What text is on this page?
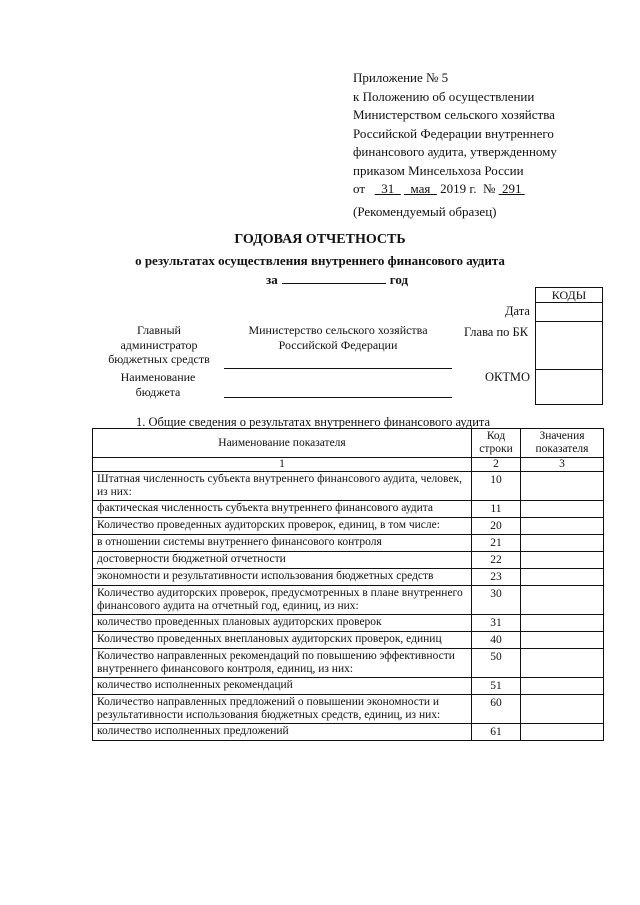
Приложение № 5
к Положению об осуществлении
Министерством сельского хозяйства
Российской Федерации внутреннего
финансового аудита, утвержденному
приказом Минсельхоза России
от 31 мая 2019 г. № 291
(Рекомендуемый образец)
ГОДОВАЯ ОТЧЕТНОСТЬ
о результатах осуществления внутреннего финансового аудита
за	год
КОДЫ
Дата
Глава по БК
ОКТМО
Главный администратор бюджетных средств
Министерство сельского хозяйства Российской Федерации
Наименование бюджета
1. Общие сведения о результатах внутреннего финансового аудита
Наименование показателя	Код строки	Значения показателя
1	2	3
Штатная численность субъекта внутреннего финансового аудита, человек, из них:	10	
фактическая численность субъекта внутреннего финансового аудита	11	
Количество проведенных аудиторских проверок, единиц, в том числе:	20	
в отношении системы внутреннего финансового контроля	21	
достоверности бюджетной отчетности	22	
экономности и результативности использования бюджетных средств	23	
Количество аудиторских проверок, предусмотренных в плане внутреннего финансового аудита на отчетный год, единиц, из них:	30	
количество проведенных плановых аудиторских проверок	31	
Количество проведенных внеплановых аудиторских проверок, единиц	40	
Количество направленных рекомендаций по повышению эффективности внутреннего финансового контроля, единиц, из них:	50	
количество исполненных рекомендаций	51	
Количество направленных предложений о повышении экономности и результативности использования бюджетных средств, единиц, из них:	60	
количество исполненных предложений	61	
